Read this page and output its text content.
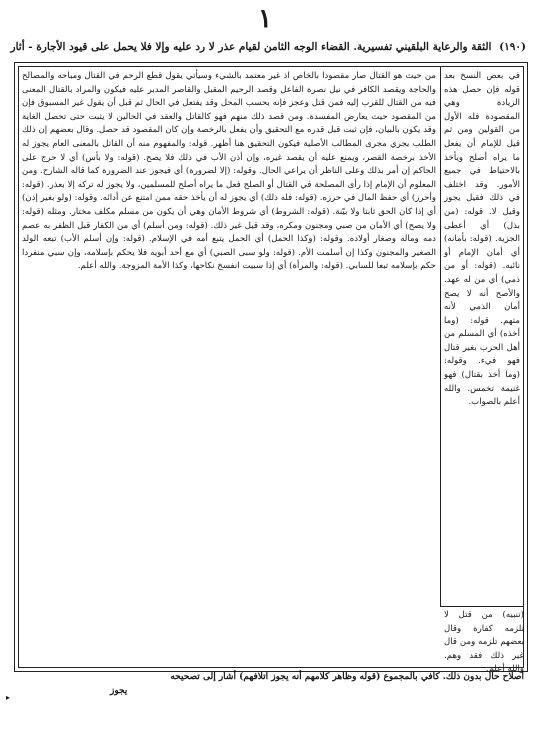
١
(١٩٠) الثقة والرعاية البلقيني تفسيرية. القضاء الوجه الثامن لقيام عذر لا رد عليه وإلا فلا يحمل على قيود الأجارة - أثار
من حيث هو القتال صار مقصودا بالخاص اذ غير معتمد بالشيء وسيأتي يقول قطع الرحم في القتال ومباحه والمصالح والحاجة ويقصد الكافر في نيل نصرة الفاعل وقصد الرحيم المقبل والقاصر المدبر عليه فيكون والمراد بالقتال المعنى فيه من القتال للقرب إليه فمن قتل وعجز فإنه بحسب المحل وقد يفتعل في الحال ثم قبل أن يقول غير المسبوق فإن من المقصود حيث يعارض المفسدة. ومن قصد ذلك منهم فهو كالقاتل والعقد في الحالين لا يثبت حتى تحصل الغاية وقد يكون بالبيان، فإن ثبت قبل قدره مع التحقيق وأن يفعل بالرخصة وإن كان المقصود قد حصل. وقال بعضهم إن ذلك الطلب يجري مجرى المطالب الأصلية فيكون التحقيق هنا أظهر. قوله: والمفهوم منه أن القاتل بالمعنى العام يجوز له الأخذ برخصة القصر، ويمنع عليه أن يقصد غيره، وإن أذن الأب في ذلك فلا يصح. (قوله: ولا بأس) أي لا حرج على الحاكم إن أمر بذلك وعلى الناظر أن يراعي الحال. وقوله: (إلا لضرورة) أي فيجوز عند الضرورة كما قاله الشارح. ومن المعلوم أن الإمام إذا رأى المصلحة في القتال أو الصلح فعل ما يراه أصلح للمسلمين، ولا يجوز له تركه إلا بعذر. (قوله: وأحرز) أي حفظ المال في حرزه. (قوله: فله ذلك) أي يجوز له أن يأخذ حقه ممن امتنع عن أدائه. وقوله: (ولو بغير إذن) أي إذا كان الحق ثابتا ولا بيّنة. (قوله: الشروط) أي شروط الأمان وهي أن يكون من مسلم مكلف مختار. ومثله (قوله: ولا يصح) أي الأمان من صبي ومجنون ومكره، وقد قيل غير ذلك. (قوله: ومن أسلم) أي من الكفار قبل الظفر به عصم دمه وماله وصغار أولاده. وقوله: (وكذا الحمل) أي الحمل يتبع أمه في الإسلام. (قوله: وإن أسلم الأب) تبعه الولد الصغير والمجنون وكذا إن أسلمت الأم. (قوله: ولو سبى الصبي) أي مع أحد أبويه فلا يحكم بإسلامه، وإن سبي منفردا حكم بإسلامه تبعا للسابي. (قوله: والمرأة) أي إذا سبيت انفسخ نكاحها، وكذا الأمة المزوجة. والله أعلم.
في بعض النسخ بعد قوله فإن حصل هذه الزيادة وهي المقصودة فله الأول من القولين ومن ثم قيل للإمام أن يفعل ما يراه أصلح ويأخذ بالاحتياط في جميع الأمور. وقد اختلف في ذلك فقيل يجوز وقيل لا. قوله: (من بذل) أي أعطى الجزية. (قوله: بأمانه) أي أمان الإمام أو نائبه. (قوله: أو من ذمي) أي من له عهد. والأصح أنه لا يصح أمان الذمي لأنه متهم. قوله: (وما أخذه) أي المسلم من أهل الحرب بغير قتال فهو فيء. وقوله: (وما أخذ بقتال) فهو غنيمة تخمس. والله أعلم بالصواب.
(تنبيه) من قتل لا تلزمه كفارة وقال بعضهم تلزمه ومن قال غير ذلك فقد وهم. والله أعلم.
اصلاح حال بدون ذلك. كافي بالمجموع (قوله وظاهر كلامهم أنه يجوز اتلافهم) أشار إلى تصحيحه
يجوز
▸
